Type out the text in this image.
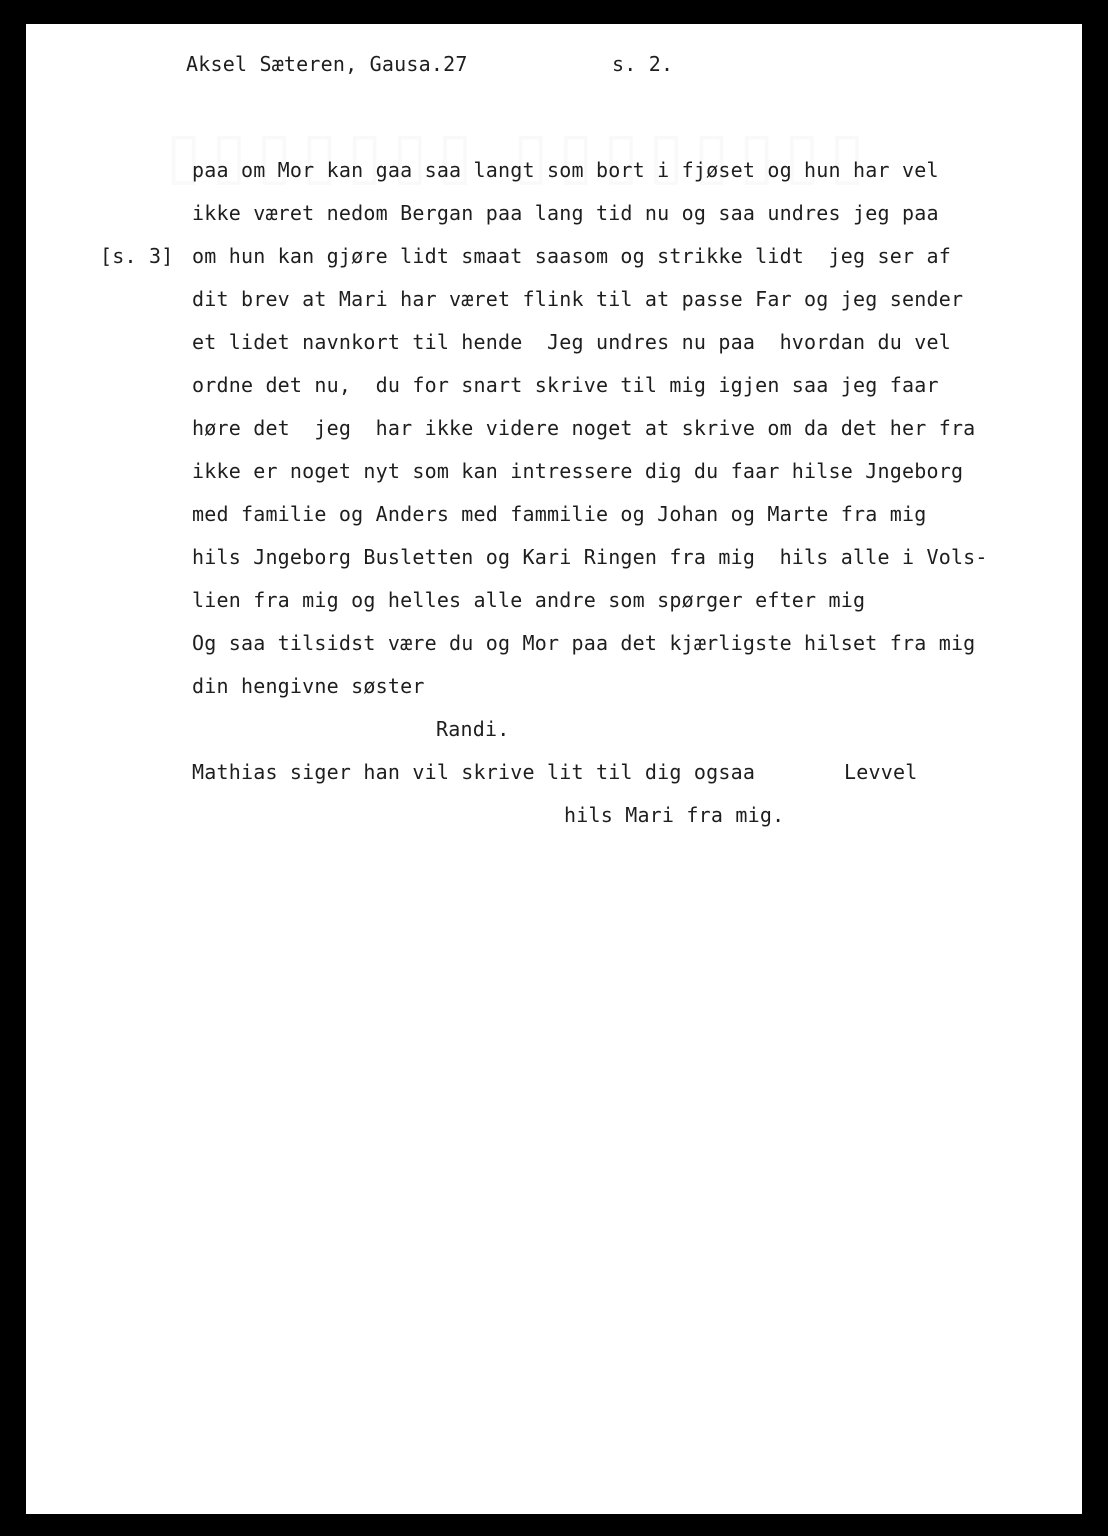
Aksel Sæteren, Gausa.27	s. 2.
[s. 3]
paa om Mor kan gaa saa langt som bort i fjøset og hun har vel
ikke været nedom Bergan paa lang tid nu og saa undres jeg paa
om hun kan gjøre lidt smaat saasom og strikke lidt  jeg ser af
dit brev at Mari har været flink til at passe Far og jeg sender
et lidet navnkort til hende  Jeg undres nu paa  hvordan du vel
ordne det nu,  du for snart skrive til mig igjen saa jeg faar
høre det  jeg  har ikke videre noget at skrive om da det her fra
ikke er noget nyt som kan intressere dig du faar hilse Jngeborg
med familie og Anders med fammilie og Johan og Marte fra mig
hils Jngeborg Busletten og Kari Ringen fra mig  hils alle i Vols-
lien fra mig og helles alle andre som spørger efter mig
Og saa tilsidst være du og Mor paa det kjærligste hilset fra mig
din hengivne søster
Randi.
Mathias siger han vil skrive lit til dig ogsaa	Levvel
hils Mari fra mig.
